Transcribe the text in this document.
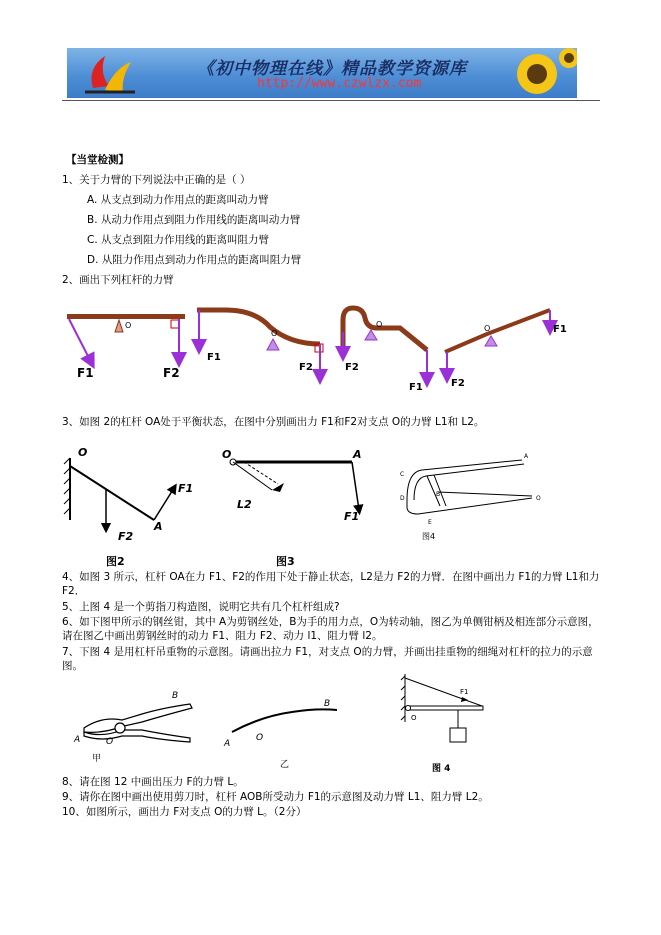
《初中物理在线》精品教学资源库
http://www.czwlzx.com
【当堂检测】
1、关于力臂的下列说法中正确的是（ ）
A. 从支点到动力作用点的距离叫动力臂
B. 从动力作用点到阻力作用线的距离叫动力臂
C. 从支点到阻力作用线的距离叫阻力臂
D. 从阻力作用点到动力作用点的距离叫阻力臂
2、画出下列杠杆的力臂
F1	F2
O
F1
O
F2	F2
O
F1	F2
O	F1
3、如图 2的杠杆 OA处于平衡状态，在图中分别画出力 F1和F2对支点 O的力臂 L1和 L2。
O
F1
F2
A
O	A
L2
F1
C
B
D
E
A
O
图2	图3
图4
4、如图 3 所示，杠杆 OA在力 F1、F2的作用下处于静止状态，L2是力 F2的力臂．在图中画出力 F1的力臂 L1和力 F2．
5、上图 4 是一个剪指刀构造图，说明它共有几个杠杆组成?
6、如下图甲所示的钢丝钳，其中 A为剪钢丝处，B为手的用力点，O为转动轴，图乙为单侧钳柄及相连部分示意图，请在图乙中画出剪钢丝时的动力 F1、阻力 F2、动力 l1、阻力臂 l2。
7、下图 4 是用杠杆吊重物的示意图。请画出拉力 F1，对支点 O的力臂，并画出挂重物的细绳对杠杆的拉力的示意图。
B
A	O
B
A
O
F1
O
甲
乙	图 4
8、请在图 12 中画出压力 F的力臂 L。
9、请你在图中画出使用剪刀时，杠杆 AOB所受动力 F1的示意图及动力臂 L1、阻力臂 L2。
10、如图所示，画出力 F对支点 O的力臂 L。（2分）
